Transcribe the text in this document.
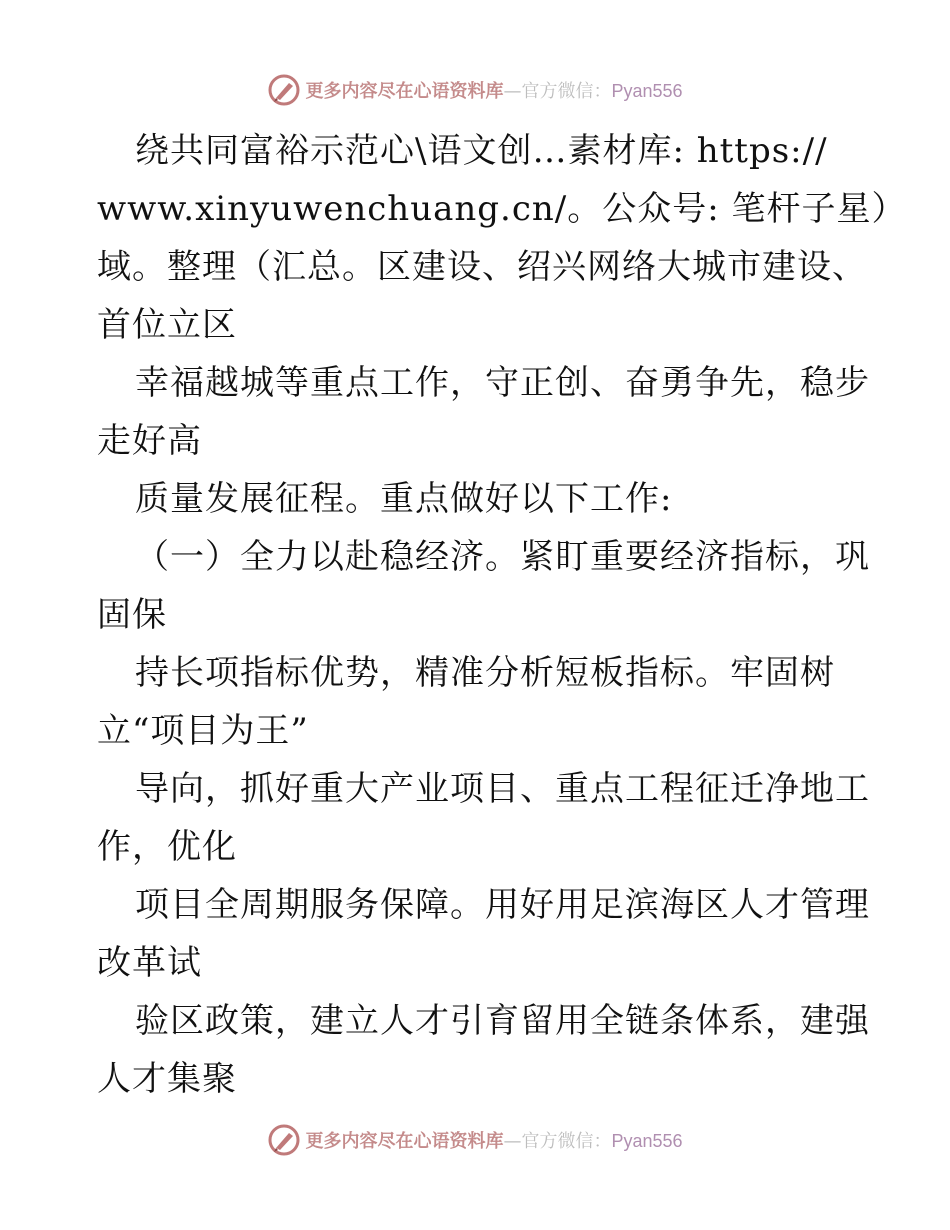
更多内容尽在心语资料库—官方微信：Pyan556
绕共同富裕示范心\语文创…素材库: https://
www.xinyuwenchuang.cn/。公众号: 笔杆子星）
域。整理（汇总。区建设、绍兴网络大城市建设、
首位立区
幸福越城等重点工作，守正创、奋勇争先，稳步
走好高
质量发展征程。重点做好以下工作:
（一）全力以赴稳经济。紧盯重要经济指标，巩
固保
持长项指标优势，精准分析短板指标。牢固树
立“项目为王”
导向，抓好重大产业项目、重点工程征迁净地工
作，优化
项目全周期服务保障。用好用足滨海区人才管理
改革试
验区政策，建立人才引育留用全链条体系，建强
人才集聚
更多内容尽在心语资料库—官方微信：Pyan556
